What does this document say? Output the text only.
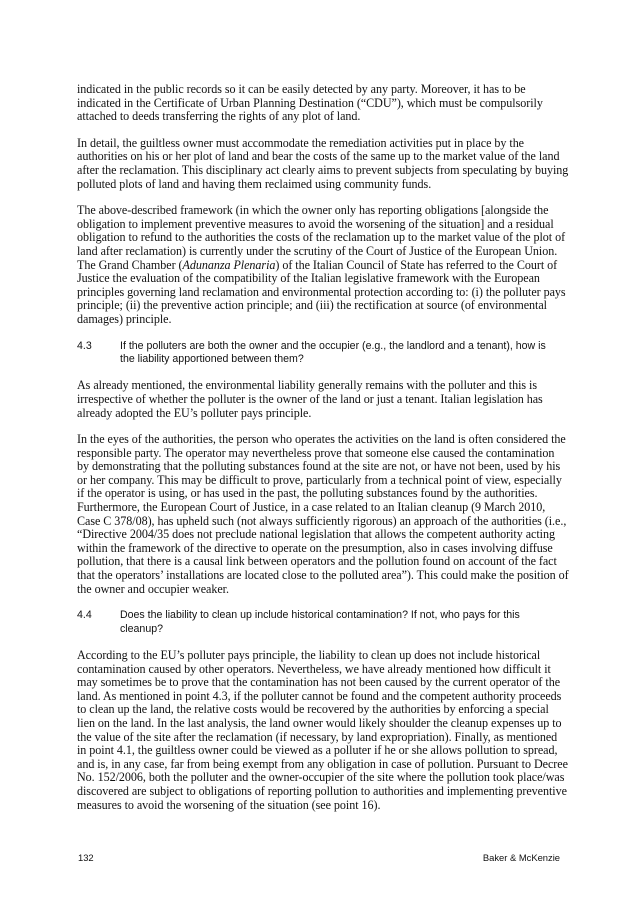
indicated in the public records so it can be easily detected by any party. Moreover, it has to be indicated in the Certificate of Urban Planning Destination (“CDU”), which must be compulsorily attached to deeds transferring the rights of any plot of land.

In detail, the guiltless owner must accommodate the remediation activities put in place by the authorities on his or her plot of land and bear the costs of the same up to the market value of the land after the reclamation. This disciplinary act clearly aims to prevent subjects from speculating by buying polluted plots of land and having them reclaimed using community funds.

The above-described framework (in which the owner only has reporting obligations [alongside the obligation to implement preventive measures to avoid the worsening of the situation] and a residual obligation to refund to the authorities the costs of the reclamation up to the market value of the plot of land after reclamation) is currently under the scrutiny of the Court of Justice of the European Union. The Grand Chamber (Adunanza Plenaria) of the Italian Council of State has referred to the Court of Justice the evaluation of the compatibility of the Italian legislative framework with the European principles governing land reclamation and environmental protection according to: (i) the polluter pays principle; (ii) the preventive action principle; and (iii) the rectification at source (of environmental damages) principle.

4.3	If the polluters are both the owner and the occupier (e.g., the landlord and a tenant), how is the liability apportioned between them?

As already mentioned, the environmental liability generally remains with the polluter and this is irrespective of whether the polluter is the owner of the land or just a tenant. Italian legislation has already adopted the EU’s polluter pays principle.

In the eyes of the authorities, the person who operates the activities on the land is often considered the responsible party. The operator may nevertheless prove that someone else caused the contamination by demonstrating that the polluting substances found at the site are not, or have not been, used by his or her company. This may be difficult to prove, particularly from a technical point of view, especially if the operator is using, or has used in the past, the polluting substances found by the authorities. Furthermore, the European Court of Justice, in a case related to an Italian cleanup (9 March 2010, Case C 378/08), has upheld such (not always sufficiently rigorous) an approach of the authorities (i.e., “Directive 2004/35 does not preclude national legislation that allows the competent authority acting within the framework of the directive to operate on the presumption, also in cases involving diffuse pollution, that there is a causal link between operators and the pollution found on account of the fact that the operators’ installations are located close to the polluted area”). This could make the position of the owner and occupier weaker.

4.4	Does the liability to clean up include historical contamination? If not, who pays for this cleanup?

According to the EU’s polluter pays principle, the liability to clean up does not include historical contamination caused by other operators. Nevertheless, we have already mentioned how difficult it may sometimes be to prove that the contamination has not been caused by the current operator of the land. As mentioned in point 4.3, if the polluter cannot be found and the competent authority proceeds to clean up the land, the relative costs would be recovered by the authorities by enforcing a special lien on the land. In the last analysis, the land owner would likely shoulder the cleanup expenses up to the value of the site after the reclamation (if necessary, by land expropriation). Finally, as mentioned in point 4.1, the guiltless owner could be viewed as a polluter if he or she allows pollution to spread, and is, in any case, far from being exempt from any obligation in case of pollution. Pursuant to Decree No. 152/2006, both the polluter and the owner-occupier of the site where the pollution took place/was discovered are subject to obligations of reporting pollution to authorities and implementing preventive measures to avoid the worsening of the situation (see point 16).

132	Baker & McKenzie
